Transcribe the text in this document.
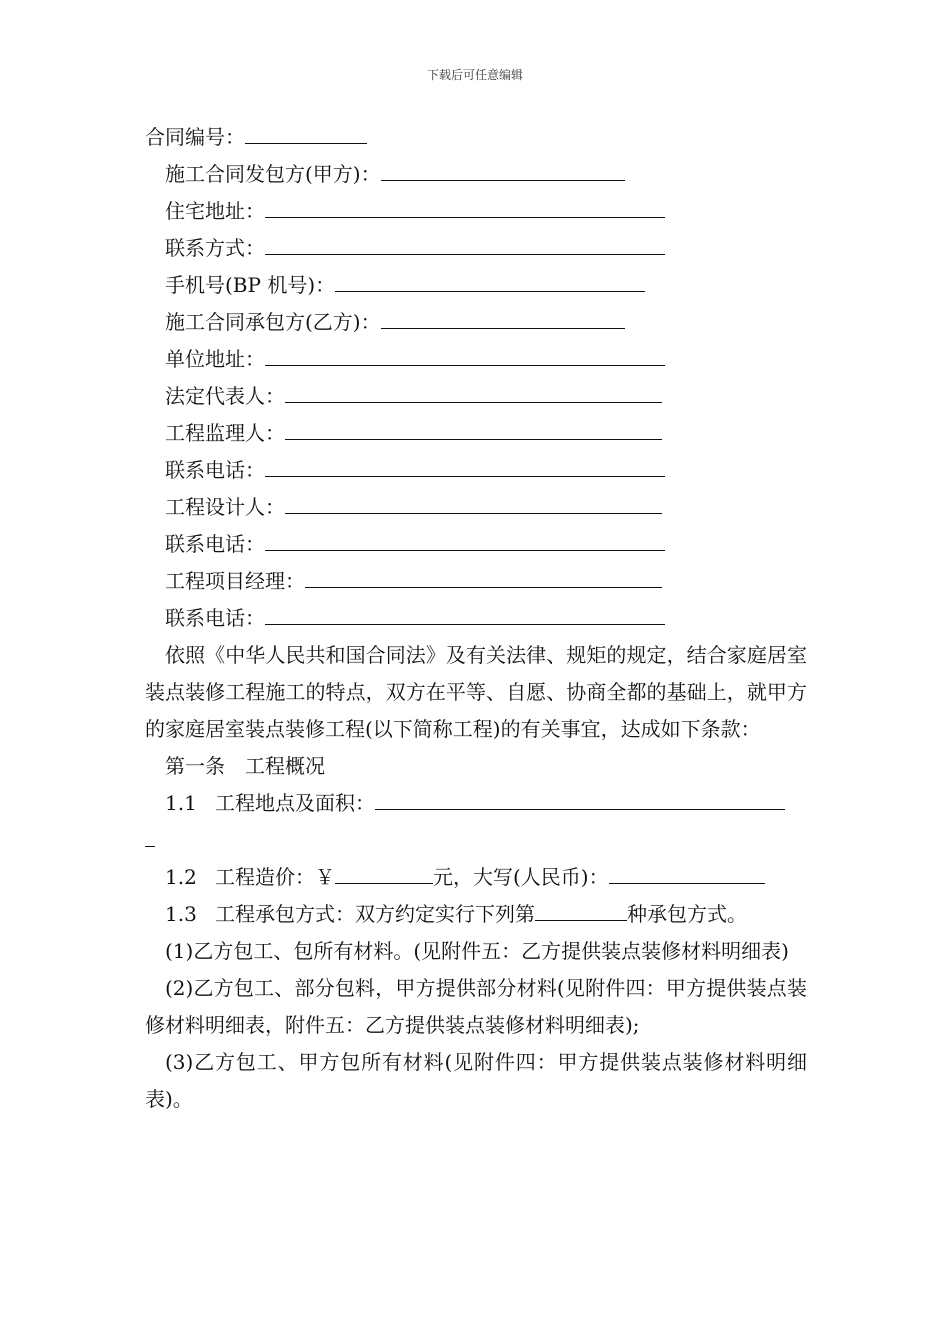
下载后可任意编辑
合同编号：
施工合同发包方(甲方)：
住宅地址：
联系方式：
手机号(BP 机号)：
施工合同承包方(乙方)：
单位地址：
法定代表人：
工程监理人：
联系电话：
工程设计人：
联系电话：
工程项目经理：
联系电话：
依照《中华人民共和国合同法》及有关法律、规矩的规定，结合家庭居室装点装修工程施工的特点，双方在平等、自愿、协商全都的基础上，就甲方的家庭居室装点装修工程(以下简称工程)的有关事宜，达成如下条款：
第一条　工程概况
1.1 工程地点及面积：
1.2 工程造价：￥	元，大写(人民币)：
1.3 工程承包方式：双方约定实行下列第	种承包方式。
(1)乙方包工、包所有材料。(见附件五：乙方提供装点装修材料明细表)
(2)乙方包工、部分包料，甲方提供部分材料(见附件四：甲方提供装点装修材料明细表，附件五：乙方提供装点装修材料明细表);
(3)乙方包工、甲方包所有材料(见附件四：甲方提供装点装修材料明细表)。
